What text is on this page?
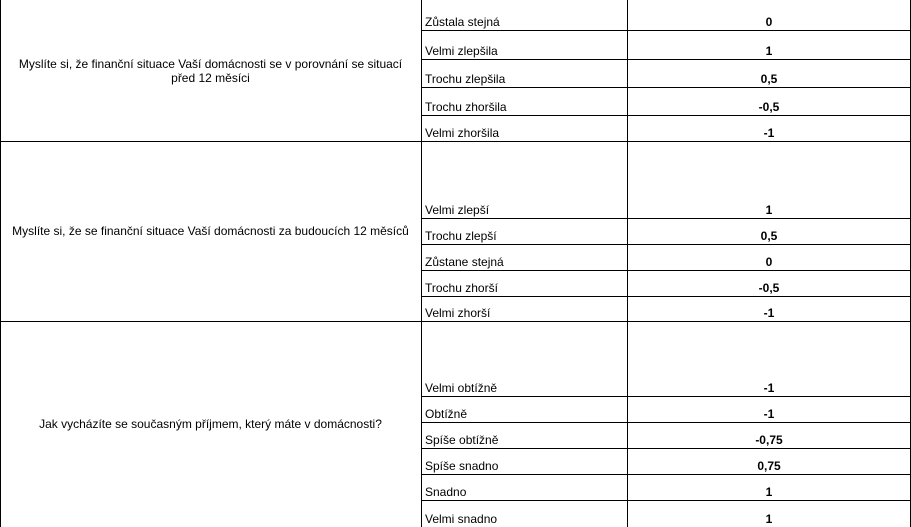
Myslíte si, že finanční situace Vaší domácnosti se v porovnání se situací před 12 měsíci
Zůstala stejná	0
Velmi zlepšila	1
Trochu zlepšila	0,5
Trochu zhoršila	-0,5
Velmi zhoršila	-1
Myslíte si, že se finanční situace Vaší domácnosti za budoucích 12 měsíců
Velmi zlepší	1
Trochu zlepší	0,5
Zůstane stejná	0
Trochu zhorší	-0,5
Velmi zhorší	-1
Jak vycházíte se současným příjmem, který máte v domácnosti?
Velmi obtížně	-1
Obtížně	-1
Spíše obtížně	-0,75
Spíše snadno	0,75
Snadno	1
Velmi snadno	1
